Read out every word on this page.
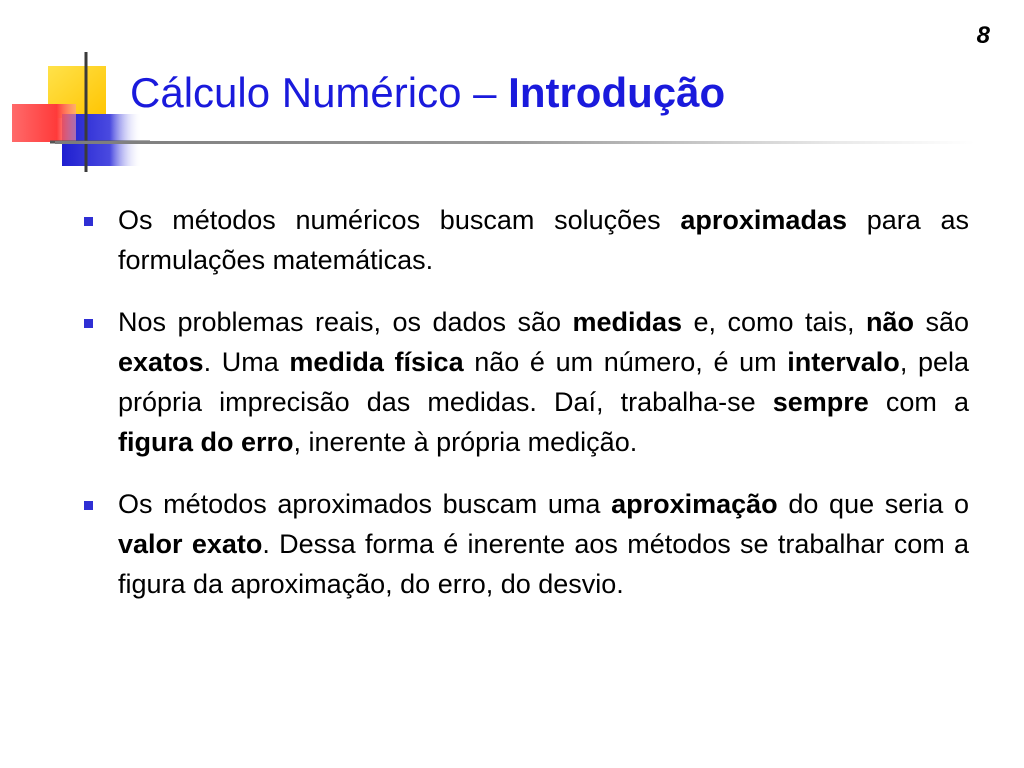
8
Cálculo Numérico – Introdução
Os métodos numéricos buscam soluções aproximadas para as formulações matemáticas.
Nos problemas reais, os dados são medidas e, como tais, não são exatos. Uma medida física não é um número, é um intervalo, pela própria imprecisão das medidas. Daí, trabalha-se sempre com a figura do erro, inerente à própria medição.
Os métodos aproximados buscam uma aproximação do que seria o valor exato. Dessa forma é inerente aos métodos se trabalhar com a figura da aproximação, do erro, do desvio.
